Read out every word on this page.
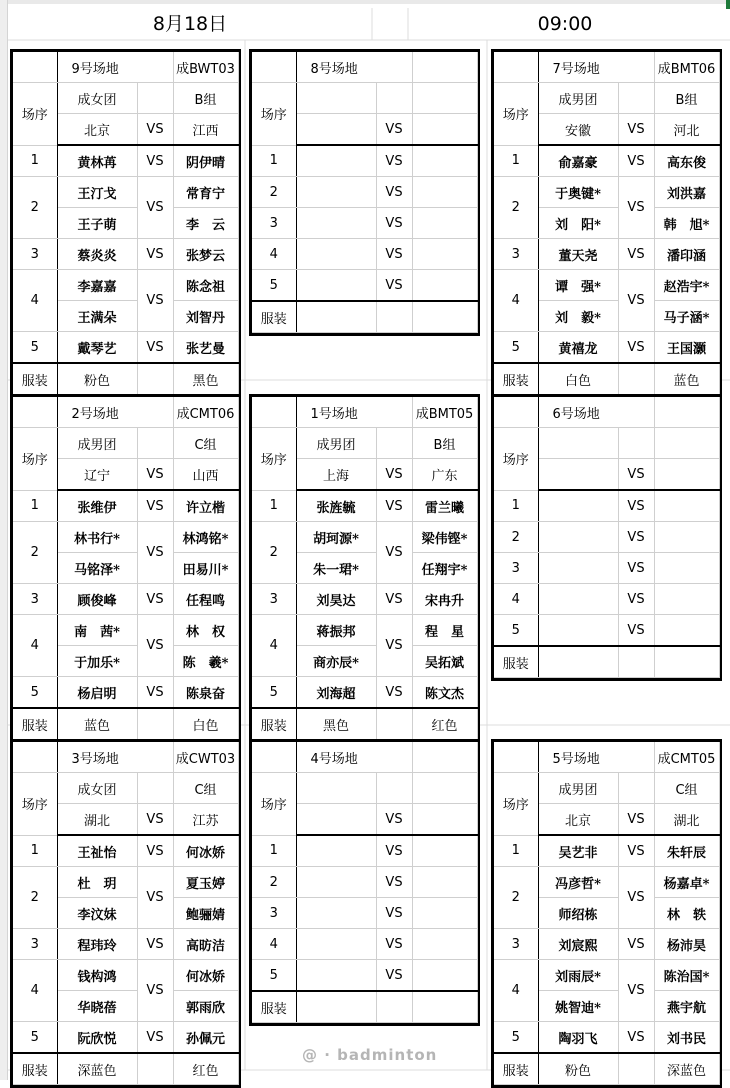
8月18日	09:00
	9号场地		成BWT03
场序	成女团		B组
	北京	VS	江西
1	黄林苒	VS	阴伊晴
2	王汀戈	VS	常育宁
	王子萌		李　云
3	蔡炎炎	VS	张梦云
4	李嘉嘉	VS	陈念祖
	王满朵		刘智丹
5	戴琴艺	VS	张艺曼
服装	粉色		黑色
	8号场地		
场序			
		VS	
1		VS	
2		VS	
3		VS	
4		VS	
5		VS	
服装			
	7号场地		成BMT06
场序	成男团		B组
	安徽	VS	河北
1	俞嘉豪	VS	高东俊
2	于奥键*	VS	刘洪嘉
	刘　阳*		韩　旭*
3	董天尧	VS	潘印涵
4	谭　强*	VS	赵浩宇*
	刘　毅*		马子涵*
5	黄禧龙	VS	王国灏
服装	白色		蓝色
	2号场地		成CMT06
场序	成男团		C组
	辽宁	VS	山西
1	张维伊	VS	许立楷
2	林书行*	VS	林鸿铭*
	马铭泽*		田易川*
3	顾俊峰	VS	任程鸣
4	南　茜*	VS	林　权
	于加乐*		陈　羲*
5	杨启明	VS	陈泉奋
服装	蓝色		白色
	1号场地		成BMT05
场序	成男团		B组
	上海	VS	广东
1	张旌毓	VS	雷兰曦
2	胡珂源*	VS	梁伟铿*
	朱一珺*		任翔宇*
3	刘昊达	VS	宋冉升
4	蒋振邦	VS	程　星
	商亦辰*		吴拓斌
5	刘海超	VS	陈文杰
服装	黑色		红色
	6号场地		
场序			
		VS	
1		VS	
2		VS	
3		VS	
4		VS	
5		VS	
服装			
	3号场地		成CWT03
场序	成女团		C组
	湖北	VS	江苏
1	王祉怡	VS	何冰娇
2	杜　玥	VS	夏玉婷
	李汶妹		鲍骊婧
3	程玮玲	VS	高昉洁
4	钱构鸿	VS	何冰娇
	华晓蓓		郭雨欣
5	阮欣悦	VS	孙佩元
服装	深蓝色		红色
	4号场地		
场序			
		VS	
1		VS	
2		VS	
3		VS	
4		VS	
5		VS	
服装			
	5号场地		成CMT05
场序	成男团		C组
	北京	VS	湖北
1	吴艺非	VS	朱轩辰
2	冯彦哲*	VS	杨嘉卓*
	师绍栋		林　轶
3	刘宸熙	VS	杨沛昊
4	刘雨辰*	VS	陈治国*
	姚智迪*		燕宇航
5	陶羽飞	VS	刘书民
服装	粉色		深蓝色
@ · badminton
